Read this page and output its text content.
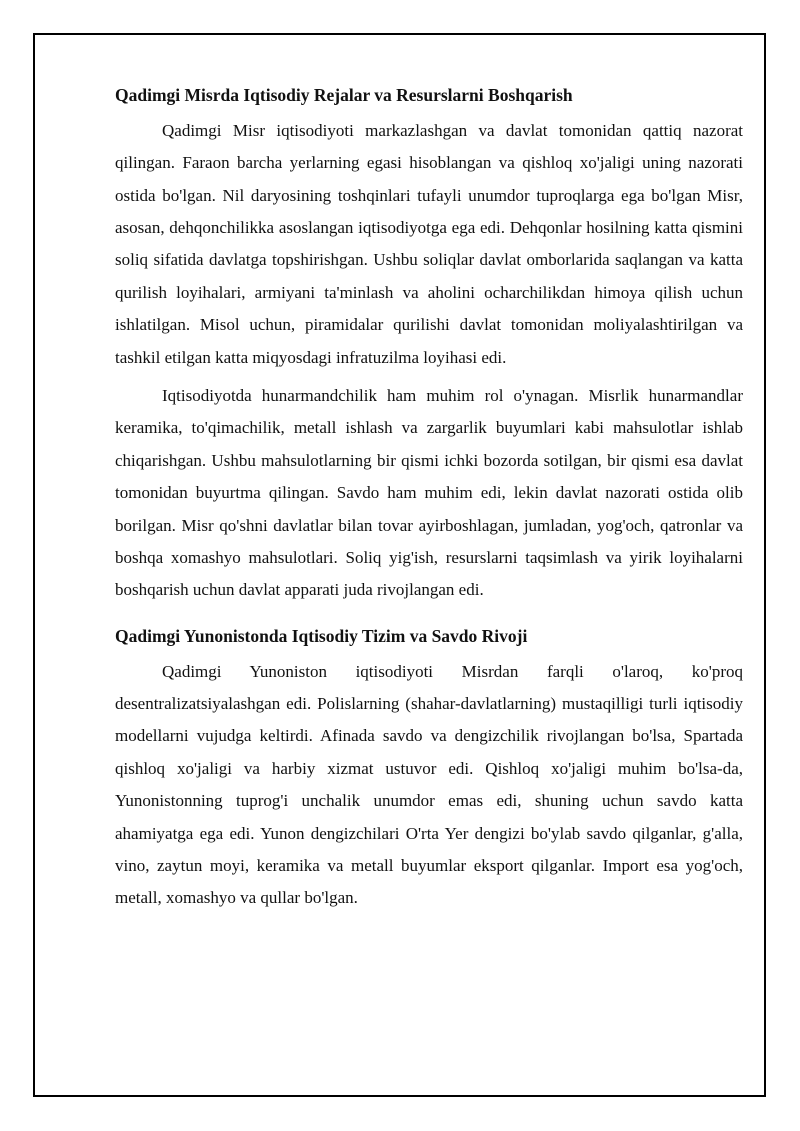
Qadimgi Misrda Iqtisodiy Rejalar va Resurslarni Boshqarish

Qadimgi Misr iqtisodiyoti markazlashgan va davlat tomonidan qattiq nazorat qilingan. Faraon barcha yerlarning egasi hisoblangan va qishloq xo'jaligi uning nazorati ostida bo'lgan. Nil daryosining toshqinlari tufayli unumdor tuproqlarga ega bo'lgan Misr, asosan, dehqonchilikka asoslangan iqtisodiyotga ega edi. Dehqonlar hosilning katta qismini soliq sifatida davlatga topshirishgan. Ushbu soliqlar davlat omborlarida saqlangan va katta qurilish loyihalari, armiyani ta'minlash va aholini ocharchilikdan himoya qilish uchun ishlatilgan. Misol uchun, piramidalar qurilishi davlat tomonidan moliyalashtirilgan va tashkil etilgan katta miqyosdagi infratuzilma loyihasi edi.

Iqtisodiyotda hunarmandchilik ham muhim rol o'ynagan. Misrlik hunarmandlar keramika, to'qimachilik, metall ishlash va zargarlik buyumlari kabi mahsulotlar ishlab chiqarishgan. Ushbu mahsulotlarning bir qismi ichki bozorda sotilgan, bir qismi esa davlat tomonidan buyurtma qilingan. Savdo ham muhim edi, lekin davlat nazorati ostida olib borilgan. Misr qo'shni davlatlar bilan tovar ayirboshlagan, jumladan, yog'och, qatronlar va boshqa xomashyo mahsulotlari. Soliq yig'ish, resurslarni taqsimlash va yirik loyihalarni boshqarish uchun davlat apparati juda rivojlangan edi.

Qadimgi Yunonistonda Iqtisodiy Tizim va Savdo Rivoji

Qadimgi Yunoniston iqtisodiyoti Misrdan farqli o'laroq, ko'proq desentralizatsiyalashgan edi. Polislarning (shahar-davlatlarning) mustaqilligi turli iqtisodiy modellarni vujudga keltirdi. Afinada savdo va dengizchilik rivojlangan bo'lsa, Spartada qishloq xo'jaligi va harbiy xizmat ustuvor edi. Qishloq xo'jaligi muhim bo'lsa-da, Yunonistonning tuprog'i unchalik unumdor emas edi, shuning uchun savdo katta ahamiyatga ega edi. Yunon dengizchilari O'rta Yer dengizi bo'ylab savdo qilganlar, g'alla, vino, zaytun moyi, keramika va metall buyumlar eksport qilganlar. Import esa yog'och, metall, xomashyo va qullar bo'lgan.
